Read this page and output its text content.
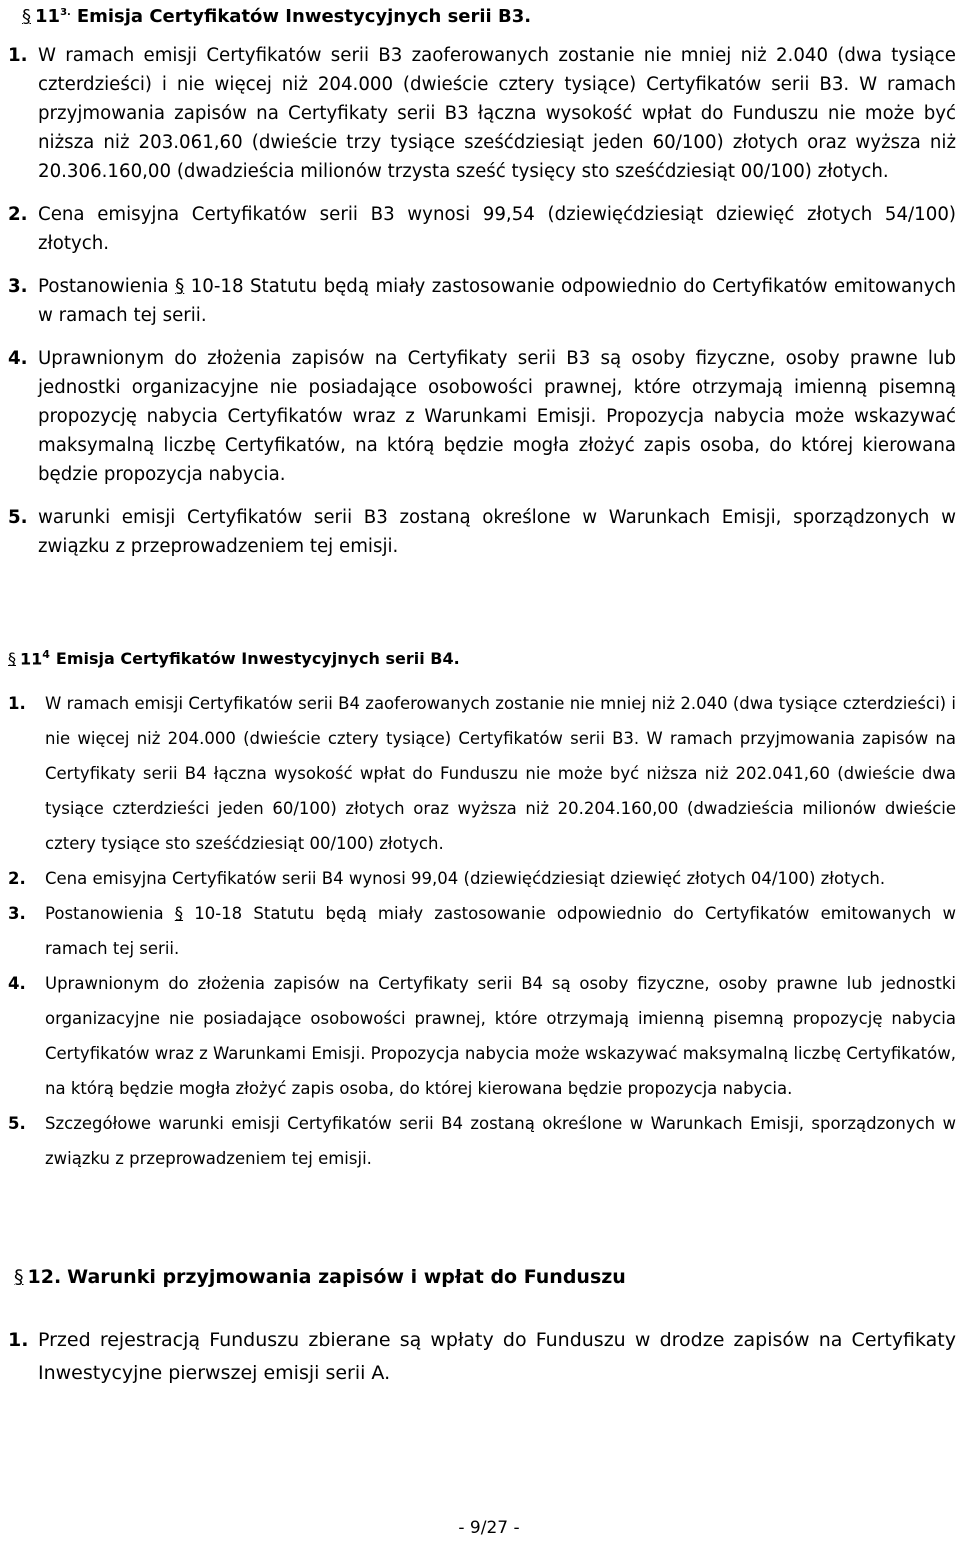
§ $11^{3.}$ Emisja Certyfikatów Inwestycyjnych serii B3.
1. W ramach emisji Certyfikatów serii B3 zaoferowanych zostanie nie mniej niż 2.040 (dwa tysiące czterdzieści) i nie więcej niż 204.000 (dwieście cztery tysiące) Certyfikatów serii B3. W ramach przyjmowania zapisów na Certyfikaty serii B3 łączna wysokość wpłat do Funduszu nie może być niższa niż 203.061,60 (dwieście trzy tysiące sześćdziesiąt jeden 60/100) złotych oraz wyższa niż 20.306.160,00 (dwadzieścia milionów trzysta sześć tysięcy sto sześćdziesiąt 00/100) złotych.
2. Cena emisyjna Certyfikatów serii B3 wynosi 99,54 (dziewięćdziesiąt dziewięć złotych 54/100) złotych.
3. Postanowienia § 10-18 Statutu będą miały zastosowanie odpowiednio do Certyfikatów emitowanych w ramach tej serii.
4. Uprawnionym do złożenia zapisów na Certyfikaty serii B3 są osoby fizyczne, osoby prawne lub jednostki organizacyjne nie posiadające osobowości prawnej, które otrzymają imienną pisemną propozycję nabycia Certyfikatów wraz z Warunkami Emisji. Propozycja nabycia może wskazywać maksymalną liczbę Certyfikatów, na którą będzie mogła złożyć zapis osoba, do której kierowana będzie propozycja nabycia.
5. warunki emisji Certyfikatów serii B3 zostaną określone w Warunkach Emisji, sporządzonych w związku z przeprowadzeniem tej emisji.
§ $11^4$ Emisja Certyfikatów Inwestycyjnych serii B4.
1.	W ramach emisji Certyfikatów serii B4 zaoferowanych zostanie nie mniej niż 2.040 (dwa tysiące czterdzieści) i nie więcej niż 204.000 (dwieście cztery tysiące) Certyfikatów serii B3. W ramach przyjmowania zapisów na Certyfikaty serii B4 łączna wysokość wpłat do Funduszu nie może być niższa niż 202.041,60 (dwieście dwa tysiące czterdzieści jeden 60/100) złotych oraz wyższa niż 20.204.160,00 (dwadzieścia milionów dwieście cztery tysiące sto sześćdziesiąt 00/100) złotych.
2.	Cena emisyjna Certyfikatów serii B4 wynosi 99,04 (dziewięćdziesiąt dziewięć złotych 04/100) złotych.
3.	Postanowienia § 10-18 Statutu będą miały zastosowanie odpowiednio do Certyfikatów emitowanych w ramach tej serii.
4.	Uprawnionym do złożenia zapisów na Certyfikaty serii B4 są osoby fizyczne, osoby prawne lub jednostki organizacyjne nie posiadające osobowości prawnej, które otrzymają imienną pisemną propozycję nabycia Certyfikatów wraz z Warunkami Emisji. Propozycja nabycia może wskazywać maksymalną liczbę Certyfikatów, na którą będzie mogła złożyć zapis osoba, do której kierowana będzie propozycja nabycia.
5.	Szczegółowe warunki emisji Certyfikatów serii B4 zostaną określone w Warunkach Emisji, sporządzonych w związku z przeprowadzeniem tej emisji.
§ 12. Warunki przyjmowania zapisów i wpłat do Funduszu
1. Przed rejestracją Funduszu zbierane są wpłaty do Funduszu w drodze zapisów na Certyfikaty Inwestycyjne pierwszej emisji serii A.
- 9/27 -
